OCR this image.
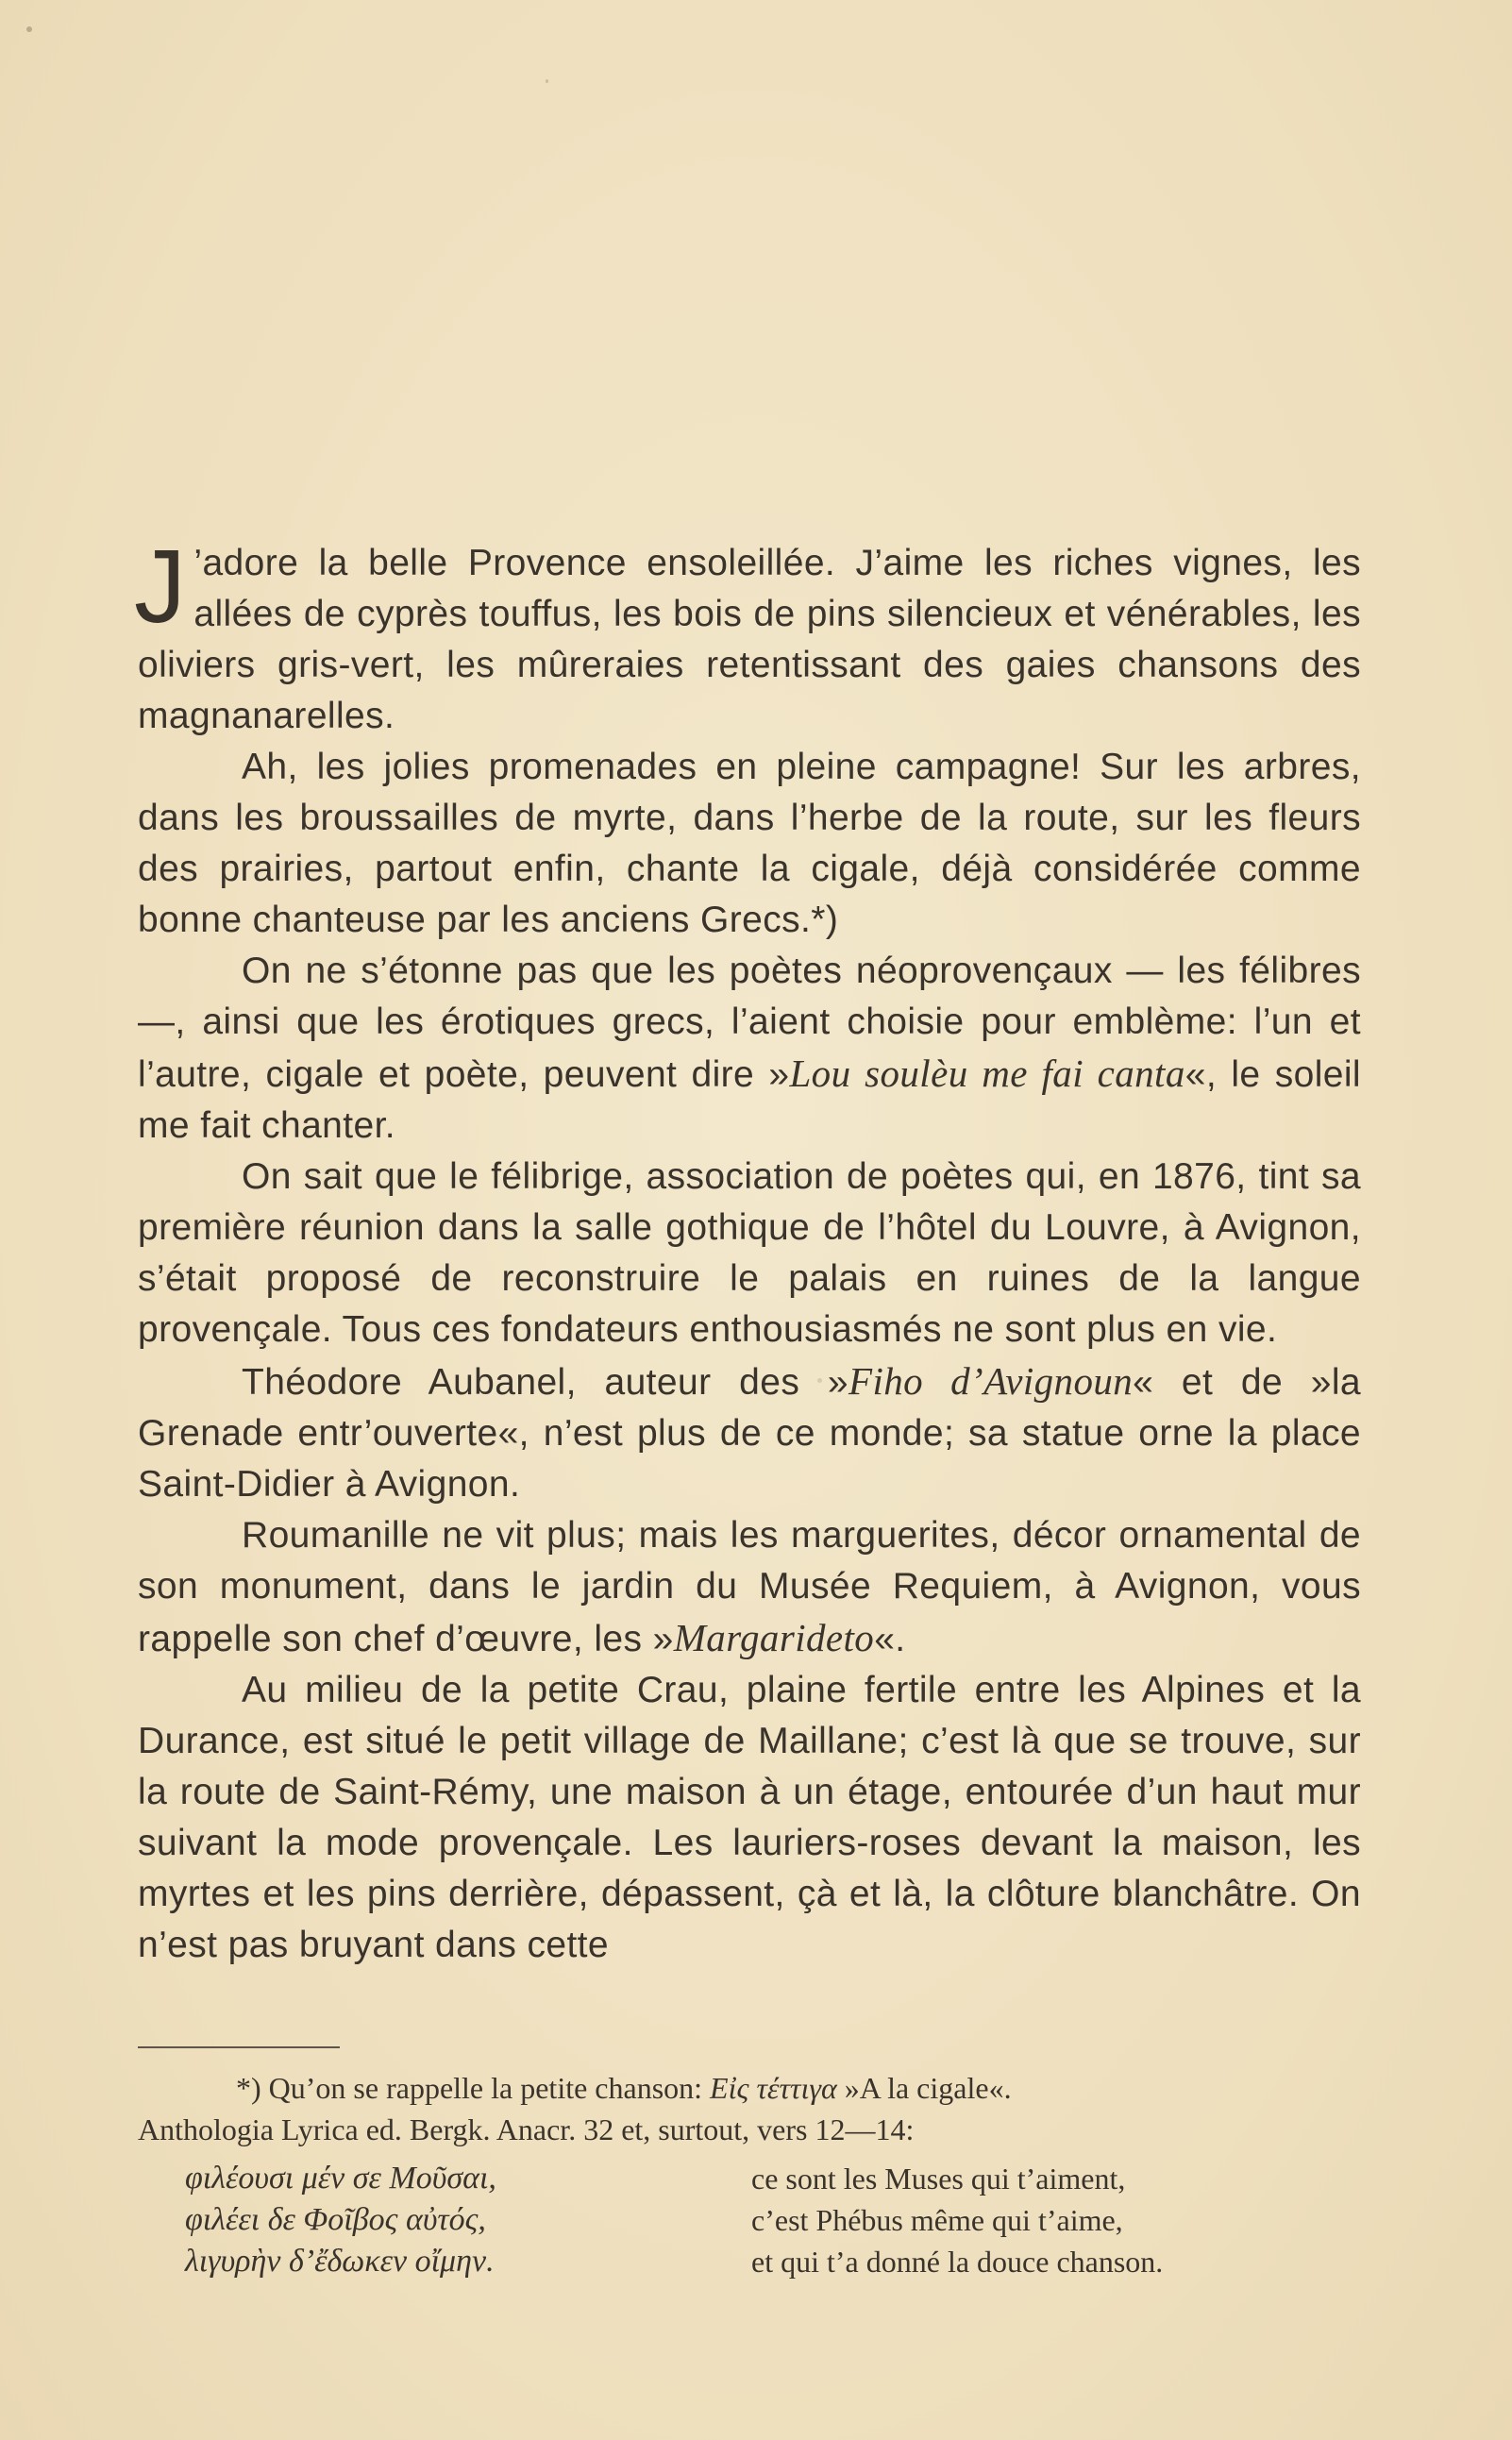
J ’adore la belle Provence ensoleillée. J’aime les riches vignes, les allées de cyprès touffus, les bois de pins silencieux et vénérables, les oliviers gris-vert, les mûreraies retentissant des gaies chansons des magnanarelles.

Ah, les jolies promenades en pleine campagne! Sur les arbres, dans les broussailles de myrte, dans l’herbe de la route, sur les fleurs des prairies, partout enfin, chante la cigale, déjà considérée comme bonne chanteuse par les anciens Grecs.*)

On ne s’étonne pas que les poètes néoprovençaux — les félibres —, ainsi que les érotiques grecs, l’aient choisie pour emblème: l’un et l’autre, cigale et poète, peuvent dire »Lou soulèu me fai canta«, le soleil me fait chanter.

On sait que le félibrige, association de poètes qui, en 1876, tint sa première réunion dans la salle gothique de l’hôtel du Louvre, à Avignon, s’était proposé de reconstruire le palais en ruines de la langue provençale. Tous ces fondateurs enthousiasmés ne sont plus en vie.

Théodore Aubanel, auteur des »Fiho d’Avignoun« et de »la Grenade entr’ouverte«, n’est plus de ce monde; sa statue orne la place Saint-Didier à Avignon.

Roumanille ne vit plus; mais les marguerites, décor ornamental de son monument, dans le jardin du Musée Requiem, à Avignon, vous rappelle son chef d’œuvre, les »Margarideto«.

Au milieu de la petite Crau, plaine fertile entre les Alpines et la Durance, est situé le petit village de Maillane; c’est là que se trouve, sur la route de Saint-Rémy, une maison à un étage, entourée d’un haut mur suivant la mode provençale. Les lauriers-roses devant la maison, les myrtes et les pins derrière, dépassent, çà et là, la clôture blanchâtre. On n’est pas bruyant dans cette

*) Qu’on se rappelle la petite chanson: Εἰς τέττιγα »A la cigale«.
Anthologia Lyrica ed. Bergk. Anacr. 32 et, surtout, vers 12—14:
φιλέουσι μέν σε Μοῦσαι,
φιλέει δε Φοῖβος αὐτός,
λιγυρὴν δ’ἔδωκεν οἴμην.
ce sont les Muses qui t’aiment,
c’est Phébus même qui t’aime,
et qui t’a donné la douce chanson.
